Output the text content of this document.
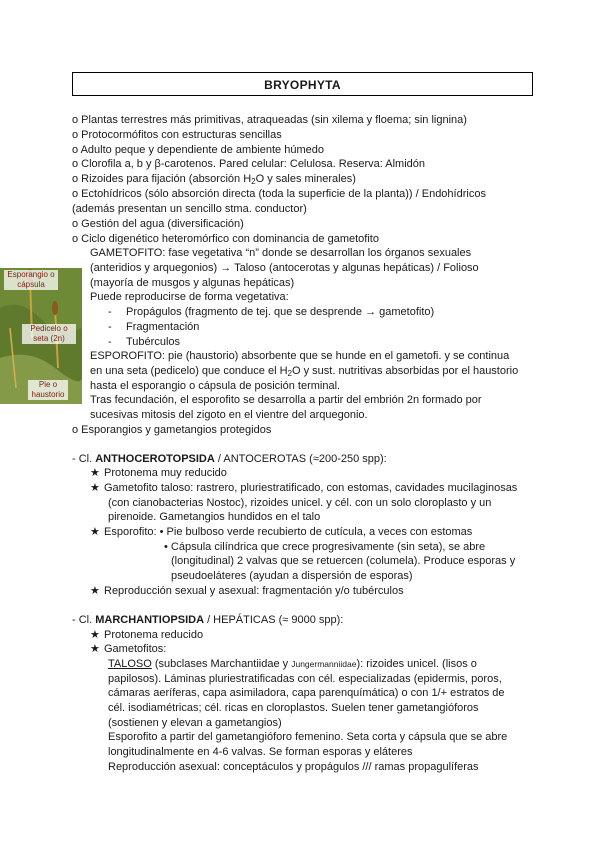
BRYOPHYTA
o Plantas terrestres más primitivas, atraqueadas (sin xilema y floema; sin lignina)
o Protocormófitos con estructuras sencillas
o Adulto peque y dependiente de ambiente húmedo
o Clorofila a, b y β-carotenos. Pared celular: Celulosa. Reserva: Almidón
o Rizoides para fijación (absorción $H_2O$ y sales minerales)
o Ectohídricos (sólo absorción directa (toda la superficie de la planta)) / Endohídricos
(además presentan un sencillo stma. conductor)
o Gestión del agua (diversificación)
o Ciclo digenético heteromórfico con dominancia de gametofito
GAMETOFITO: fase vegetativa “n” donde se desarrollan los órganos sexuales
(anteridios y arquegonios) → Taloso (antocerotas y algunas hepáticas) / Folioso
(mayoría de musgos y algunas hepáticas)
Puede reproducirse de forma vegetativa:
- Propágulos (fragmento de tej. que se desprende → gametofito)
- Fragmentación
- Tubérculos
ESPOROFITO: pie (haustorio) absorbente que se hunde en el gametofi. y se continua
en una seta (pedicelo) que conduce el $H_2O$ y sust. nutritivas absorbidas por el haustorio
hasta el esporangio o cápsula de posición terminal.
Tras fecundación, el esporofito se desarrolla a partir del embrión 2n formado por
sucesivas mitosis del zigoto en el vientre del arquegonio.
o Esporangios y gametangios protegidos
Esporangio o
cápsula
Pedicelo o
seta (2n)
Pie o
haustorio
- Cl. ANTHOCEROTOPSIDA / ANTOCEROTAS (≈200-250 spp):
★ Protonema muy reducido
★ Gametofito taloso: rastrero, pluriestratificado, con estomas, cavidades mucilaginosas
(con cianobacterias Nostoc), rizoides unicel. y cél. con un solo cloroplasto y un
pirenoide. Gametangios hundidos en el talo
★ Esporofito: • Pie bulboso verde recubierto de cutícula, a veces con estomas
• Cápsula cilíndrica que crece progresivamente (sin seta), se abre
(longitudinal) 2 valvas que se retuercen (columela). Produce esporas y
pseudoeláteres (ayudan a dispersión de esporas)
★ Reproducción sexual y asexual: fragmentación y/o tubérculos
- Cl. MARCHANTIOPSIDA / HEPÁTICAS (≈ 9000 spp):
★ Protonema reducido
★ Gametofitos:
TALOSO (subclases Marchantiidae y Jungermanniidae): rizoides unicel. (lisos o
papilosos). Láminas pluriestratificadas con cél. especializadas (epidermis, poros,
cámaras aeríferas, capa asimiladora, capa parenquímática) o con 1/+ estratos de
cél. isodiamétricas; cél. ricas en cloroplastos. Suelen tener gametangióforos
(sostienen y elevan a gametangios)
Esporofito a partir del gametangióforo femenino. Seta corta y cápsula que se abre
longitudinalmente en 4-6 valvas. Se forman esporas y eláteres
Reproducción asexual: conceptáculos y propágulos /// ramas propagulíferas
